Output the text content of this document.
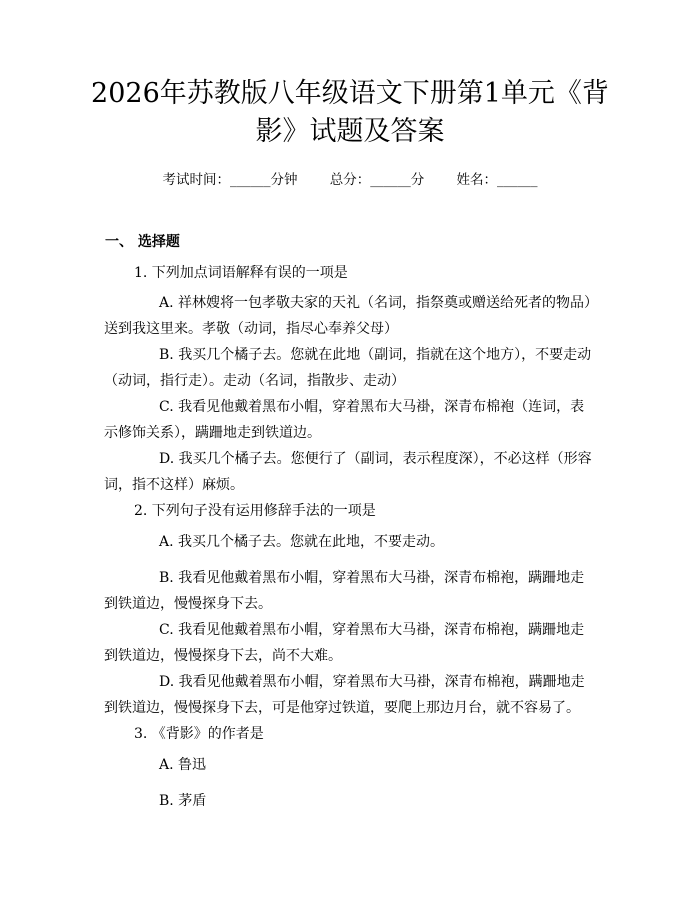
2026年苏教版八年级语文下册第1单元《背影》试题及答案
考试时间：______分钟 总分：______分 姓名：______
一、 选择题
1. 下列加点词语解释有误的一项是
A. 祥林嫂将一包孝敬夫家的天礼（名词，指祭奠或赠送给死者的物品）送到我这里来。孝敬（动词，指尽心奉养父母）
B. 我买几个橘子去。您就在此地（副词，指就在这个地方），不要走动（动词，指行走）。走动（名词，指散步、走动）
C. 我看见他戴着黑布小帽，穿着黑布大马褂，深青布棉袍（连词，表示修饰关系），蹒跚地走到铁道边。
D. 我买几个橘子去。您便行了（副词，表示程度深），不必这样（形容词，指不这样）麻烦。
2. 下列句子没有运用修辞手法的一项是
A. 我买几个橘子去。您就在此地，不要走动。
B. 我看见他戴着黑布小帽，穿着黑布大马褂，深青布棉袍，蹒跚地走到铁道边，慢慢探身下去。
C. 我看见他戴着黑布小帽，穿着黑布大马褂，深青布棉袍，蹒跚地走到铁道边，慢慢探身下去，尚不大难。
D. 我看见他戴着黑布小帽，穿着黑布大马褂，深青布棉袍，蹒跚地走到铁道边，慢慢探身下去，可是他穿过铁道，要爬上那边月台，就不容易了。
3. 《背影》的作者是
A. 鲁迅
B. 茅盾
